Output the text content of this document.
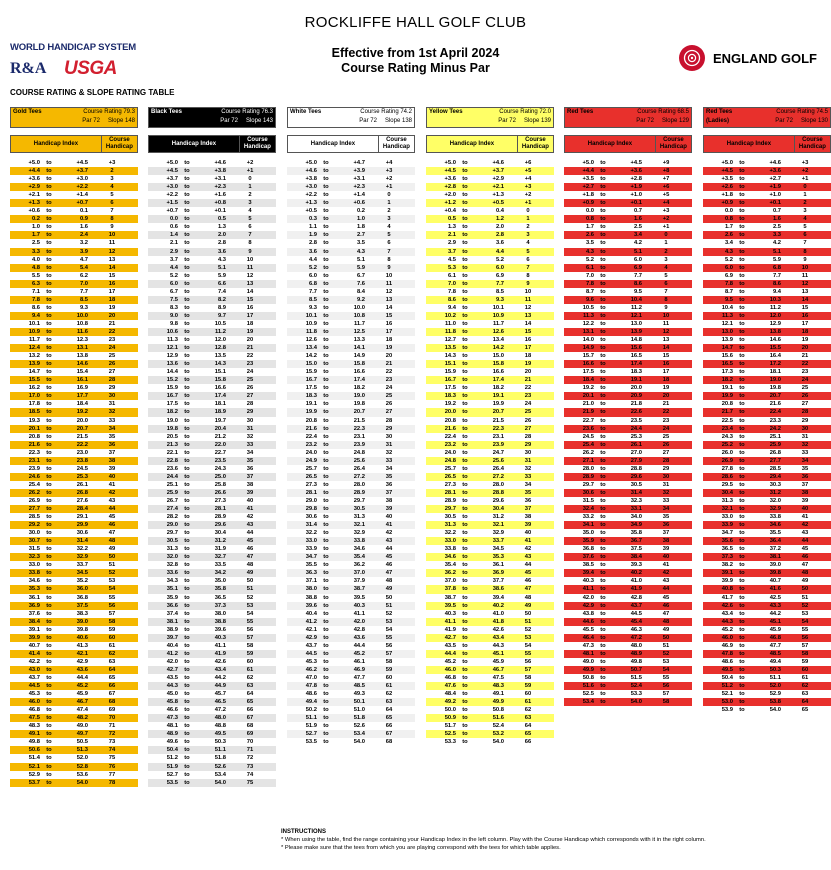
ROCKLIFFE HALL GOLF CLUB
Effective from 1st April 2024
Course Rating Minus Par
WORLD HANDICAP SYSTEM
R&A USGA	ENGLAND GOLF
COURSE RATING & SLOPE RATING TABLE
Gold Tees	Course Rating 79.3
Par 72 Slope 148
Handicap Index
Course Handicap
+5.0	to	+4.5	+3
+4.4	to	+3.7	2
+3.6	to	+3.0	3
+2.9	to	+2.2	4
+2.1	to	+1.4	5
+1.3	to	+0.7	6
+0.6	to	0.1	7
0.2	to	0.9	8
1.0	to	1.6	9
1.7	to	2.4	10
2.5	to	3.2	11
3.3	to	3.9	12
4.0	to	4.7	13
4.8	to	5.4	14
5.5	to	6.2	15
6.3	to	7.0	16
7.1	to	7.7	17
7.8	to	8.5	18
8.6	to	9.3	19
9.4	to	10.0	20
10.1	to	10.8	21
10.9	to	11.6	22
11.7	to	12.3	23
12.4	to	13.1	24
13.2	to	13.8	25
13.9	to	14.6	26
14.7	to	15.4	27
15.5	to	16.1	28
16.2	to	16.9	29
17.0	to	17.7	30
17.8	to	18.4	31
18.5	to	19.2	32
19.3	to	20.0	33
20.1	to	20.7	34
20.8	to	21.5	35
21.6	to	22.2	36
22.3	to	23.0	37
23.1	to	23.8	38
23.9	to	24.5	39
24.6	to	25.3	40
25.4	to	26.1	41
26.2	to	26.8	42
26.9	to	27.6	43
27.7	to	28.4	44
28.5	to	29.1	45
29.2	to	29.9	46
30.0	to	30.6	47
30.7	to	31.4	48
31.5	to	32.2	49
32.3	to	32.9	50
33.0	to	33.7	51
33.8	to	34.5	52
34.6	to	35.2	53
35.3	to	36.0	54
36.1	to	36.8	55
36.9	to	37.5	56
37.6	to	38.3	57
38.4	to	39.0	58
39.1	to	39.8	59
39.9	to	40.6	60
40.7	to	41.3	61
41.4	to	42.1	62
42.2	to	42.9	63
43.0	to	43.6	64
43.7	to	44.4	65
44.5	to	45.2	66
45.3	to	45.9	67
46.0	to	46.7	68
46.8	to	47.4	69
47.5	to	48.2	70
48.3	to	49.0	71
49.1	to	49.7	72
49.8	to	50.5	73
50.6	to	51.3	74
51.4	to	52.0	75
52.1	to	52.8	76
52.9	to	53.6	77
53.7	to	54.0	78
Black Tees	Course Rating 76.3
Par 72 Slope 143
Handicap Index
Course Handicap
+5.0	to	+4.6	+2
+4.5	to	+3.8	+1
+3.7	to	+3.1	0
+3.0	to	+2.3	1
+2.2	to	+1.6	2
+1.5	to	+0.8	3
+0.7	to	+0.1	4
0.0	to	0.5	5
0.6	to	1.3	6
1.4	to	2.0	7
2.1	to	2.8	8
2.9	to	3.6	9
3.7	to	4.3	10
4.4	to	5.1	11
5.2	to	5.9	12
6.0	to	6.6	13
6.7	to	7.4	14
7.5	to	8.2	15
8.3	to	8.9	16
9.0	to	9.7	17
9.8	to	10.5	18
10.6	to	11.2	19
11.3	to	12.0	20
12.1	to	12.8	21
12.9	to	13.5	22
13.6	to	14.3	23
14.4	to	15.1	24
15.2	to	15.8	25
15.9	to	16.6	26
16.7	to	17.4	27
17.5	to	18.1	28
18.2	to	18.9	29
19.0	to	19.7	30
19.8	to	20.4	31
20.5	to	21.2	32
21.3	to	22.0	33
22.1	to	22.7	34
22.8	to	23.5	35
23.6	to	24.3	36
24.4	to	25.0	37
25.1	to	25.8	38
25.9	to	26.6	39
26.7	to	27.3	40
27.4	to	28.1	41
28.2	to	28.9	42
29.0	to	29.6	43
29.7	to	30.4	44
30.5	to	31.2	45
31.3	to	31.9	46
32.0	to	32.7	47
32.8	to	33.5	48
33.6	to	34.2	49
34.3	to	35.0	50
35.1	to	35.8	51
35.9	to	36.5	52
36.6	to	37.3	53
37.4	to	38.0	54
38.1	to	38.8	55
38.9	to	39.6	56
39.7	to	40.3	57
40.4	to	41.1	58
41.2	to	41.9	59
42.0	to	42.6	60
42.7	to	43.4	61
43.5	to	44.2	62
44.3	to	44.9	63
45.0	to	45.7	64
45.8	to	46.5	65
46.6	to	47.2	66
47.3	to	48.0	67
48.1	to	48.8	68
48.9	to	49.5	69
49.6	to	50.3	70
50.4	to	51.1	71
51.2	to	51.8	72
51.9	to	52.6	73
52.7	to	53.4	74
53.5	to	54.0	75
White Tees	Course Rating 74.2
Par 72 Slope 138
Handicap Index
Course Handicap
+5.0	to	+4.7	+4
+4.6	to	+3.9	+3
+3.8	to	+3.1	+2
+3.0	to	+2.3	+1
+2.2	to	+1.4	0
+1.3	to	+0.6	1
+0.5	to	0.2	2
0.3	to	1.0	3
1.1	to	1.8	4
1.9	to	2.7	5
2.8	to	3.5	6
3.6	to	4.3	7
4.4	to	5.1	8
5.2	to	5.9	9
6.0	to	6.7	10
6.8	to	7.6	11
7.7	to	8.4	12
8.5	to	9.2	13
9.3	to	10.0	14
10.1	to	10.8	15
10.9	to	11.7	16
11.8	to	12.5	17
12.6	to	13.3	18
13.4	to	14.1	19
14.2	to	14.9	20
15.0	to	15.8	21
15.9	to	16.6	22
16.7	to	17.4	23
17.5	to	18.2	24
18.3	to	19.0	25
19.1	to	19.8	26
19.9	to	20.7	27
20.8	to	21.5	28
21.6	to	22.3	29
22.4	to	23.1	30
23.2	to	23.9	31
24.0	to	24.8	32
24.9	to	25.6	33
25.7	to	26.4	34
26.5	to	27.2	35
27.3	to	28.0	36
28.1	to	28.9	37
29.0	to	29.7	38
29.8	to	30.5	39
30.6	to	31.3	40
31.4	to	32.1	41
32.2	to	32.9	42
33.0	to	33.8	43
33.9	to	34.6	44
34.7	to	35.4	45
35.5	to	36.2	46
36.3	to	37.0	47
37.1	to	37.9	48
38.0	to	38.7	49
38.8	to	39.5	50
39.6	to	40.3	51
40.4	to	41.1	52
41.2	to	42.0	53
42.1	to	42.8	54
42.9	to	43.6	55
43.7	to	44.4	56
44.5	to	45.2	57
45.3	to	46.1	58
46.2	to	46.9	59
47.0	to	47.7	60
47.8	to	48.5	61
48.6	to	49.3	62
49.4	to	50.1	63
50.2	to	51.0	64
51.1	to	51.8	65
51.9	to	52.6	66
52.7	to	53.4	67
53.5	to	54.0	68
Yellow Tees	Course Rating 72.0
Par 72 Slope 139
Handicap Index
Course Handicap
+5.0	to	+4.6	+6
+4.5	to	+3.7	+5
+3.6	to	+2.9	+4
+2.8	to	+2.1	+3
+2.0	to	+1.3	+2
+1.2	to	+0.5	+1
+0.4	to	0.4	0
0.5	to	1.2	1
1.3	to	2.0	2
2.1	to	2.8	3
2.9	to	3.6	4
3.7	to	4.4	5
4.5	to	5.2	6
5.3	to	6.0	7
6.1	to	6.9	8
7.0	to	7.7	9
7.8	to	8.5	10
8.6	to	9.3	11
9.4	to	10.1	12
10.2	to	10.9	13
11.0	to	11.7	14
11.8	to	12.6	15
12.7	to	13.4	16
13.5	to	14.2	17
14.3	to	15.0	18
15.1	to	15.8	19
15.9	to	16.6	20
16.7	to	17.4	21
17.5	to	18.2	22
18.3	to	19.1	23
19.2	to	19.9	24
20.0	to	20.7	25
20.8	to	21.5	26
21.6	to	22.3	27
22.4	to	23.1	28
23.2	to	23.9	29
24.0	to	24.7	30
24.8	to	25.6	31
25.7	to	26.4	32
26.5	to	27.2	33
27.3	to	28.0	34
28.1	to	28.8	35
28.9	to	29.6	36
29.7	to	30.4	37
30.5	to	31.2	38
31.3	to	32.1	39
32.2	to	32.9	40
33.0	to	33.7	41
33.8	to	34.5	42
34.6	to	35.3	43
35.4	to	36.1	44
36.2	to	36.9	45
37.0	to	37.7	46
37.8	to	38.6	47
38.7	to	39.4	48
39.5	to	40.2	49
40.3	to	41.0	50
41.1	to	41.8	51
41.9	to	42.6	52
42.7	to	43.4	53
43.5	to	44.3	54
44.4	to	45.1	55
45.2	to	45.9	56
46.0	to	46.7	57
46.8	to	47.5	58
47.6	to	48.3	59
48.4	to	49.1	60
49.2	to	49.9	61
50.0	to	50.8	62
50.9	to	51.6	63
51.7	to	52.4	64
52.5	to	53.2	65
53.3	to	54.0	66
Red Tees	Course Rating 68.5
Par 72 Slope 129
Handicap Index
Course Handicap
+5.0	to	+4.5	+9
+4.4	to	+3.6	+8
+3.5	to	+2.8	+7
+2.7	to	+1.9	+6
+1.8	to	+1.0	+5
+0.9	to	+0.1	+4
0.0	to	0.7	+3
0.8	to	1.6	+2
1.7	to	2.5	+1
2.6	to	3.4	0
3.5	to	4.2	1
4.3	to	5.1	2
5.2	to	6.0	3
6.1	to	6.9	4
7.0	to	7.7	5
7.8	to	8.6	6
8.7	to	9.5	7
9.6	to	10.4	8
10.5	to	11.2	9
11.3	to	12.1	10
12.2	to	13.0	11
13.1	to	13.9	12
14.0	to	14.8	13
14.9	to	15.6	14
15.7	to	16.5	15
16.6	to	17.4	16
17.5	to	18.3	17
18.4	to	19.1	18
19.2	to	20.0	19
20.1	to	20.9	20
21.0	to	21.8	21
21.9	to	22.6	22
22.7	to	23.5	23
23.6	to	24.4	24
24.5	to	25.3	25
25.4	to	26.1	26
26.2	to	27.0	27
27.1	to	27.9	28
28.0	to	28.8	29
28.9	to	29.6	30
29.7	to	30.5	31
30.6	to	31.4	32
31.5	to	32.3	33
32.4	to	33.1	34
33.2	to	34.0	35
34.1	to	34.9	36
35.0	to	35.8	37
35.9	to	36.7	38
36.8	to	37.5	39
37.6	to	38.4	40
38.5	to	39.3	41
39.4	to	40.2	42
40.3	to	41.0	43
41.1	to	41.9	44
42.0	to	42.8	45
42.9	to	43.7	46
43.8	to	44.5	47
44.6	to	45.4	48
45.5	to	46.3	49
46.4	to	47.2	50
47.3	to	48.0	51
48.1	to	48.9	52
49.0	to	49.8	53
49.9	to	50.7	54
50.8	to	51.5	55
51.6	to	52.4	56
52.5	to	53.3	57
53.4	to	54.0	58
Red Tees
(Ladies)
Course Rating 74.5
Par 72 Slope 130
Handicap Index
Course Handicap
+5.0	to	+4.6	+3
+4.5	to	+3.6	+2
+3.5	to	+2.7	+1
+2.6	to	+1.9	0
+1.8	to	+1.0	1
+0.9	to	+0.1	2
0.0	to	0.7	3
0.8	to	1.6	4
1.7	to	2.5	5
2.6	to	3.3	6
3.4	to	4.2	7
4.3	to	5.1	8
5.2	to	5.9	9
6.0	to	6.8	10
6.9	to	7.7	11
7.8	to	8.6	12
8.7	to	9.4	13
9.5	to	10.3	14
10.4	to	11.2	15
11.3	to	12.0	16
12.1	to	12.9	17
13.0	to	13.8	18
13.9	to	14.6	19
14.7	to	15.5	20
15.6	to	16.4	21
16.5	to	17.2	22
17.3	to	18.1	23
18.2	to	19.0	24
19.1	to	19.8	25
19.9	to	20.7	26
20.8	to	21.6	27
21.7	to	22.4	28
22.5	to	23.3	29
23.4	to	24.2	30
24.3	to	25.1	31
25.2	to	25.9	32
26.0	to	26.8	33
26.9	to	27.7	34
27.8	to	28.5	35
28.6	to	29.4	36
29.5	to	30.3	37
30.4	to	31.2	38
31.3	to	32.0	39
32.1	to	32.9	40
33.0	to	33.8	41
33.9	to	34.6	42
34.7	to	35.5	43
35.6	to	36.4	44
36.5	to	37.2	45
37.3	to	38.1	46
38.2	to	39.0	47
39.1	to	39.8	48
39.9	to	40.7	49
40.8	to	41.6	50
41.7	to	42.5	51
42.6	to	43.3	52
43.4	to	44.2	53
44.3	to	45.1	54
45.2	to	45.9	55
46.0	to	46.8	56
46.9	to	47.7	57
47.8	to	48.5	58
48.6	to	49.4	59
49.5	to	50.3	60
50.4	to	51.1	61
51.2	to	52.0	62
52.1	to	52.9	63
53.0	to	53.8	64
53.9	to	54.0	65
INSTRUCTIONS
* When using the table, find the range containing your Handicap Index in the left column. Play with the Course Handicap which corresponds with it in the right column.
* Please make sure that the tees from which you are playing correspond with the tees for which table applies.
